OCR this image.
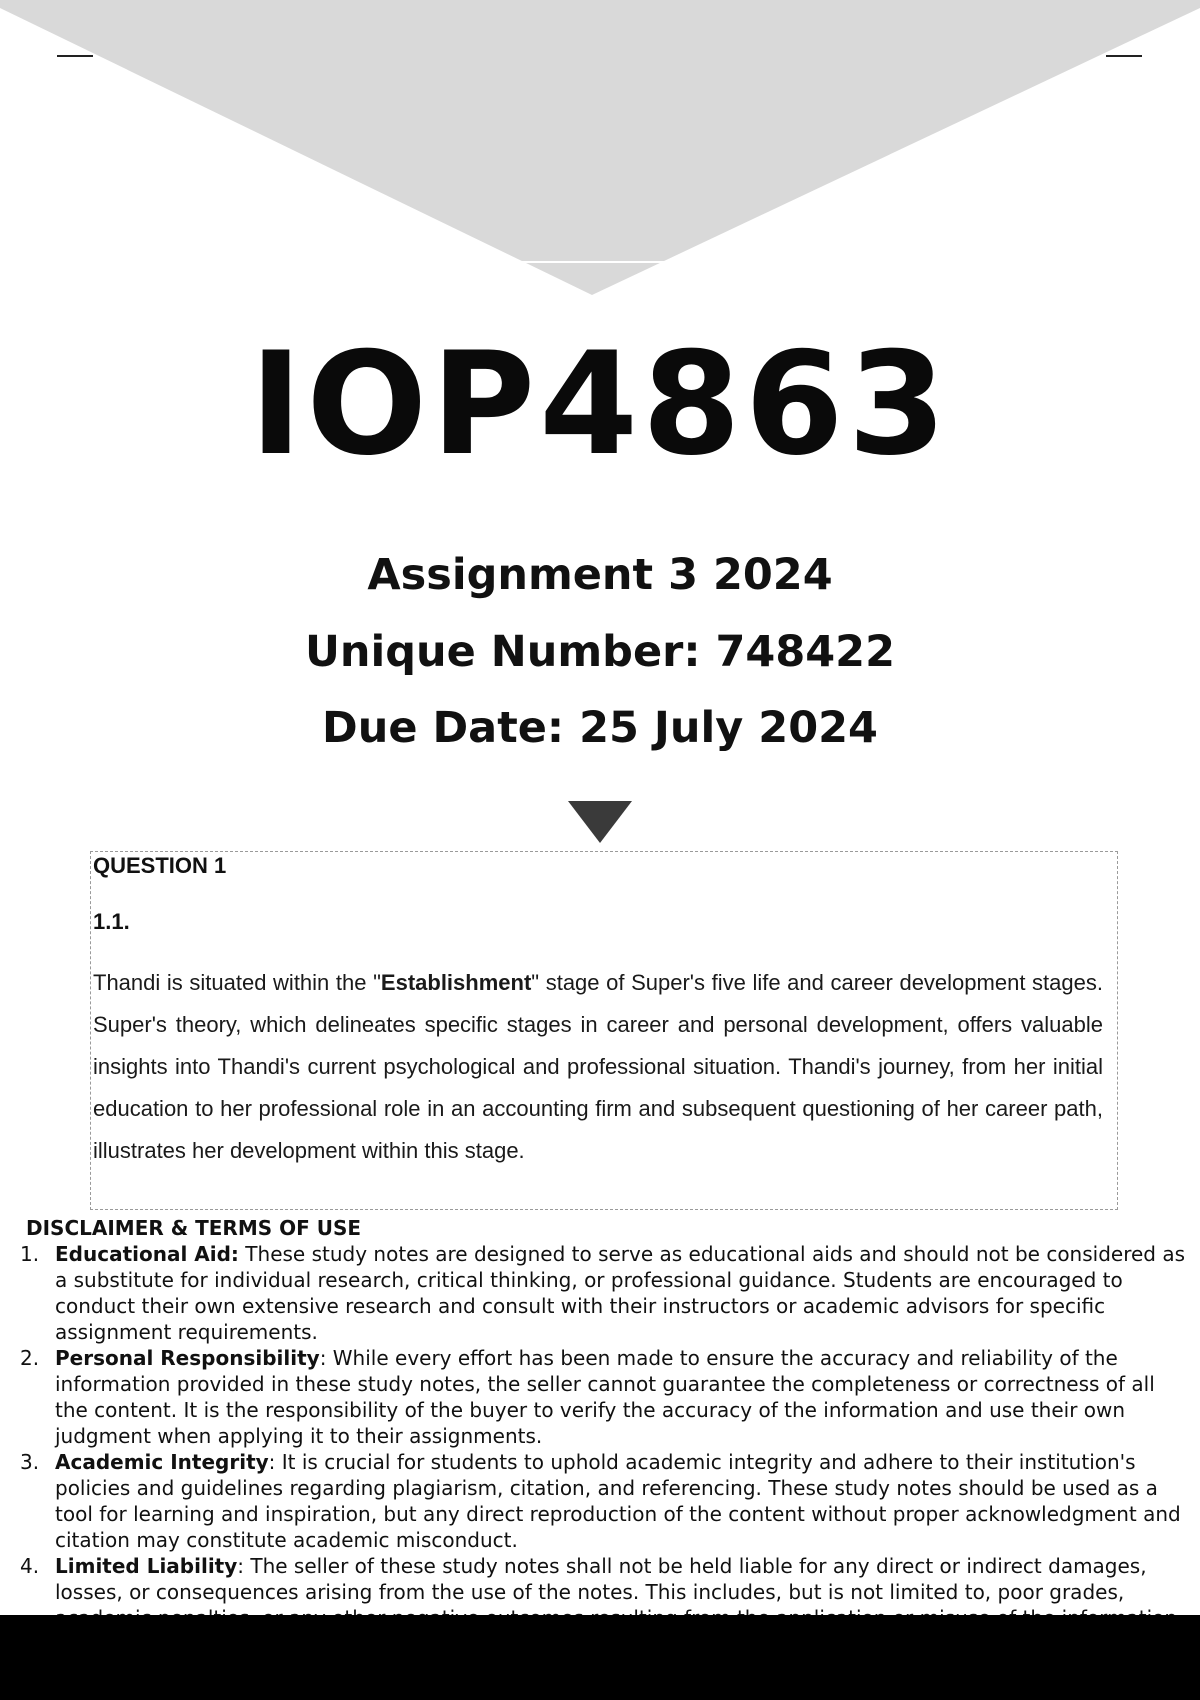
IOP4863
Assignment 3 2024
Unique Number: 748422
Due Date: 25 July 2024
QUESTION 1
1.1.

Thandi is situated within the "Establishment" stage of Super's five life and career development stages. Super's theory, which delineates specific stages in career and personal development, offers valuable insights into Thandi's current psychological and professional situation. Thandi's journey, from her initial education to her professional role in an accounting firm and subsequent questioning of her career path, illustrates her development within this stage.

DISCLAIMER & TERMS OF USE
1. Educational Aid: These study notes are designed to serve as educational aids and should not be considered as a substitute for individual research, critical thinking, or professional guidance. Students are encouraged to conduct their own extensive research and consult with their instructors or academic advisors for specific assignment requirements.
2. Personal Responsibility: While every effort has been made to ensure the accuracy and reliability of the information provided in these study notes, the seller cannot guarantee the completeness or correctness of all the content. It is the responsibility of the buyer to verify the accuracy of the information and use their own judgment when applying it to their assignments.
3. Academic Integrity: It is crucial for students to uphold academic integrity and adhere to their institution's policies and guidelines regarding plagiarism, citation, and referencing. These study notes should be used as a tool for learning and inspiration, but any direct reproduction of the content without proper acknowledgment and citation may constitute academic misconduct.
4. Limited Liability: The seller of these study notes shall not be held liable for any direct or indirect damages, losses, or consequences arising from the use of the notes. This includes, but is not limited to, poor grades,
